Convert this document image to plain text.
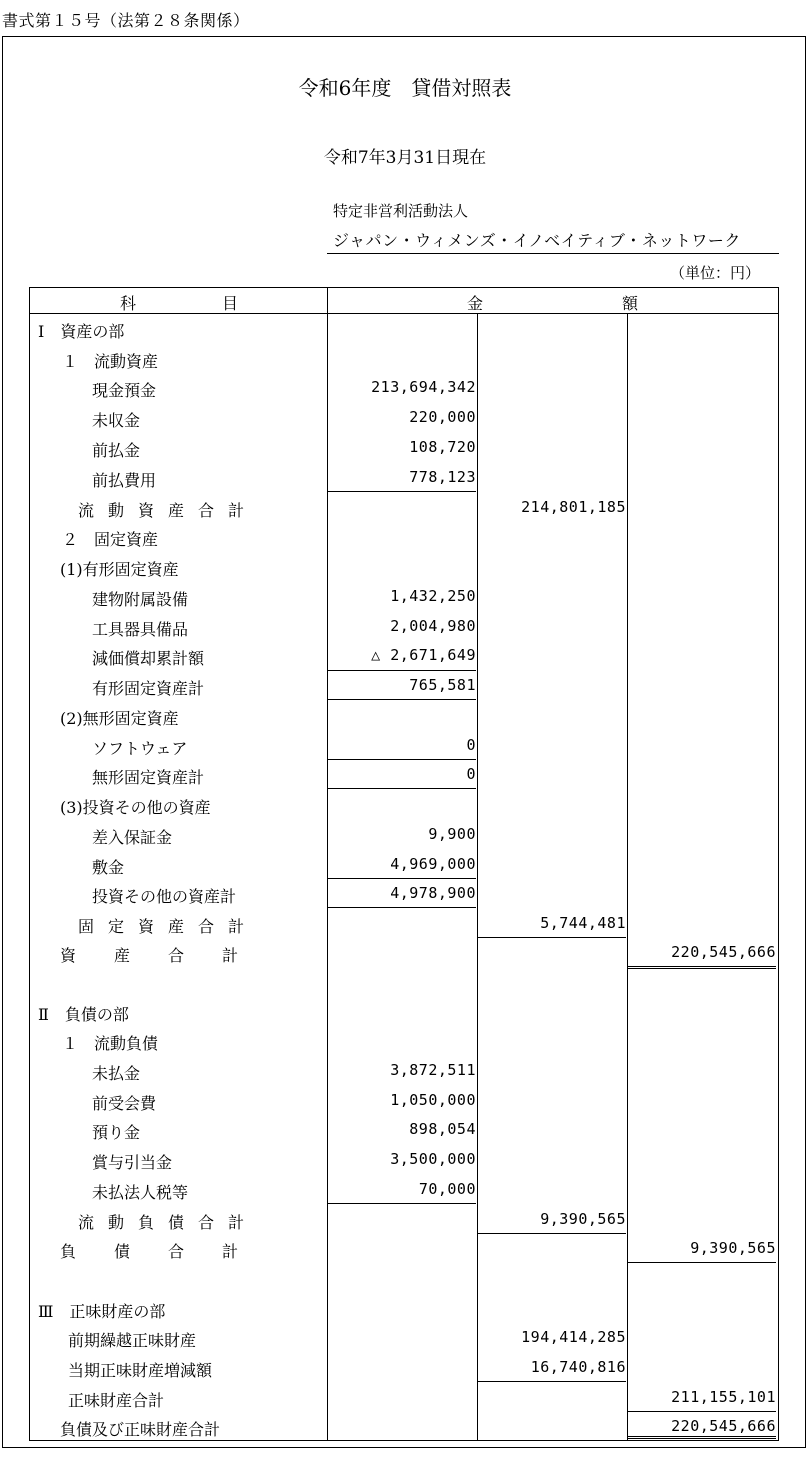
書式第１５号（法第２８条関係）
令和6年度　貸借対照表
令和7年3月31日現在
特定非営利活動法人
ジャパン・ウィメンズ・イノベイティブ・ネットワーク
（単位：円）
科	目	金	額
Ⅰ　資産の部
１　流動資産
現金預金	213,694,342
未収金	220,000
前払金	108,720
前払費用	778,123
流動資産合計	214,801,185
２　固定資産
(1)有形固定資産
建物附属設備	1,432,250
工具器具備品	2,004,980
減価償却累計額	△ 2,671,649
有形固定資産計	765,581
(2)無形固定資産
ソフトウェア	0
無形固定資産計	0
(3)投資その他の資産
差入保証金	9,900
敷金	4,969,000
投資その他の資産計	4,978,900
固定資産合計	5,744,481
資産合計	220,545,666
Ⅱ　負債の部
１　流動負債
未払金	3,872,511
前受会費	1,050,000
預り金	898,054
賞与引当金	3,500,000
未払法人税等	70,000
流動負債合計	9,390,565
負債合計	9,390,565
Ⅲ　正味財産の部
前期繰越正味財産	194,414,285
当期正味財産増減額	16,740,816
正味財産合計	211,155,101
負債及び正味財産合計	220,545,666
